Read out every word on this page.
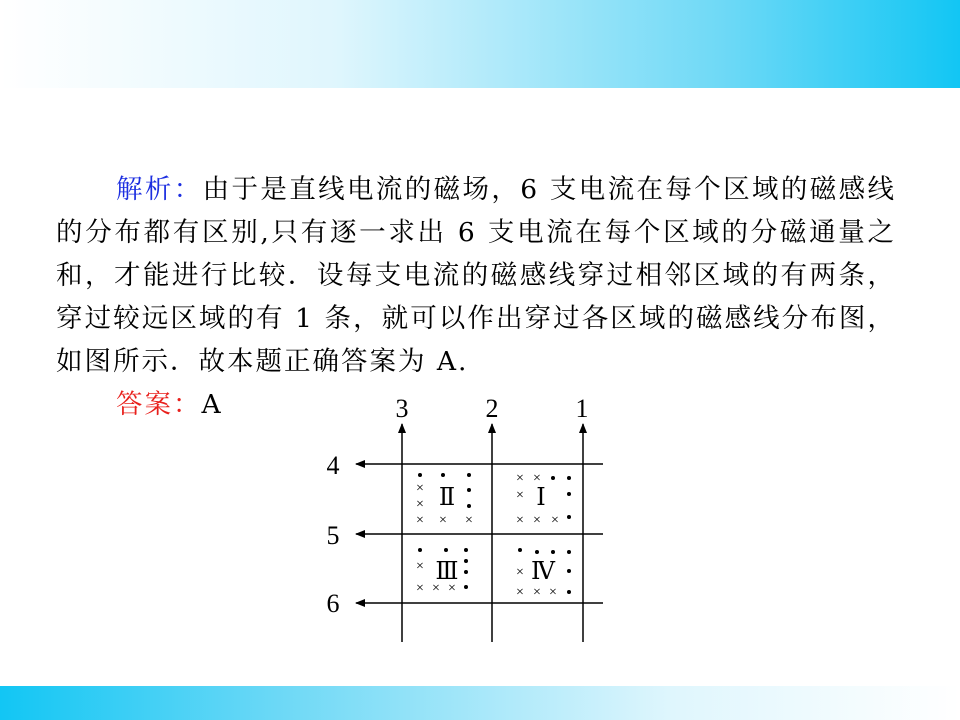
解析：由于是直线电流的磁场，6 支电流在每个区域的磁感线的分布都有区别,只有逐一求出 6 支电流在每个区域的分磁通量之和，才能进行比较．设每支电流的磁感线穿过相邻区域的有两条，穿过较远区域的有 1 条，就可以作出穿过各区域的磁感线分布图，如图所示．故本题正确答案为 A.

答案：A	3	2	1
4
5
6
Ⅱ	Ⅰ
Ⅲ	Ⅳ
×
×
× × ×
× ×
×
× × ×
×
× × ×
×
× × ×
